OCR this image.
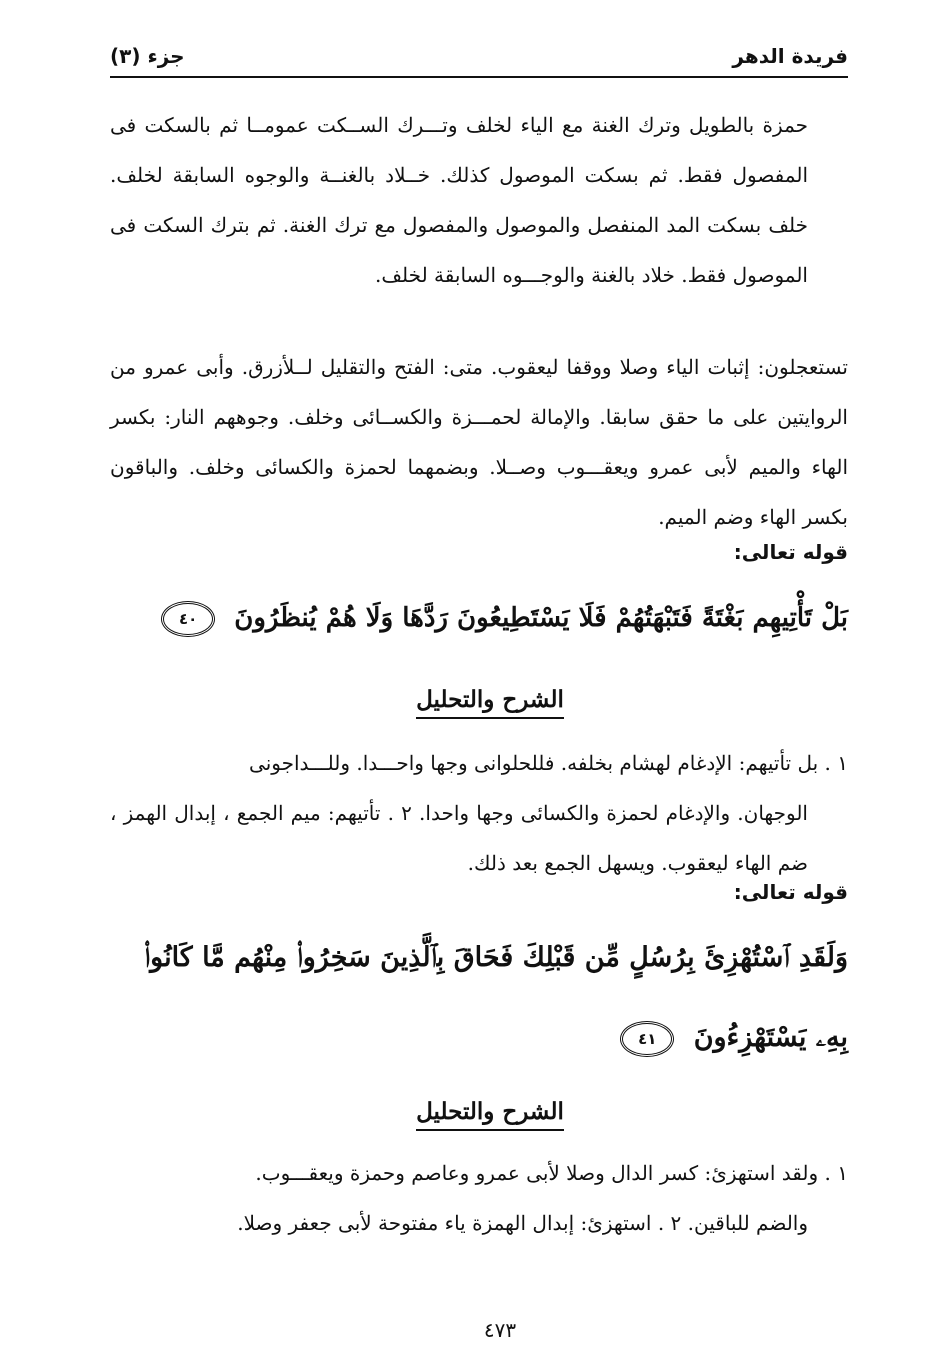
فريدة الدهر
جزء (٣)
حمزة بالطويل وترك الغنة مع الياء لخلف وتـــرك الســكت عمومــا ثم بالسكت فى المفصول فقط. ثم بسكت الموصول كذلك. خــلاد بالغنــة والوجوه السابقة لخلف. خلف بسكت المد المنفصل والموصول والمفصول مع ترك الغنة. ثم بترك السكت فى الموصول فقط. خلاد بالغنة والوجـــوه السابقة لخلف.
تستعجلون: إثبات الياء وصلا ووقفا ليعقوب. متى: الفتح والتقليل لــلأزرق. وأبى عمرو من الروايتين على ما حقق سابقا. والإمالة لحمـــزة والكســائى وخلف. وجوههم النار: بكسر الهاء والميم لأبى عمرو ويعقـــوب وصــلا. وبضمهما لحمزة والكسائى وخلف. والباقون بكسر الهاء وضم الميم.
قوله تعالى:
بَلْ تَأْتِيهِم بَغْتَةً فَتَبْهَتُهُمْ فَلَا يَسْتَطِيعُونَ رَدَّهَا وَلَا هُمْ يُنظَرُونَ ٤٠
الشرح والتحليل
١ . بل تأتيهم: الإدغام لهشام بخلفه. فللحلوانى وجها واحـــدا. وللـــداجونى
الوجهان. والإدغام لحمزة والكسائى وجها واحدا. ٢ . تأتيهم: ميم الجمع ، إبدال الهمز ، ضم الهاء ليعقوب. ويسهل الجمع بعد ذلك.
قوله تعالى:
وَلَقَدِ ٱسْتُهْزِئَ بِرُسُلٍ مِّن قَبْلِكَ فَحَاقَ بِٱلَّذِينَ سَخِرُوا۟ مِنْهُم مَّا كَانُوا۟ بِهِۦ يَسْتَهْزِءُونَ ٤١
الشرح والتحليل
١ . ولقد استهزئ: كسر الدال وصلا لأبى عمرو وعاصم وحمزة ويعقـــوب.
والضم للباقين. ٢ . استهزئ: إبدال الهمزة ياء مفتوحة لأبى جعفر وصلا.
٤٧٣
